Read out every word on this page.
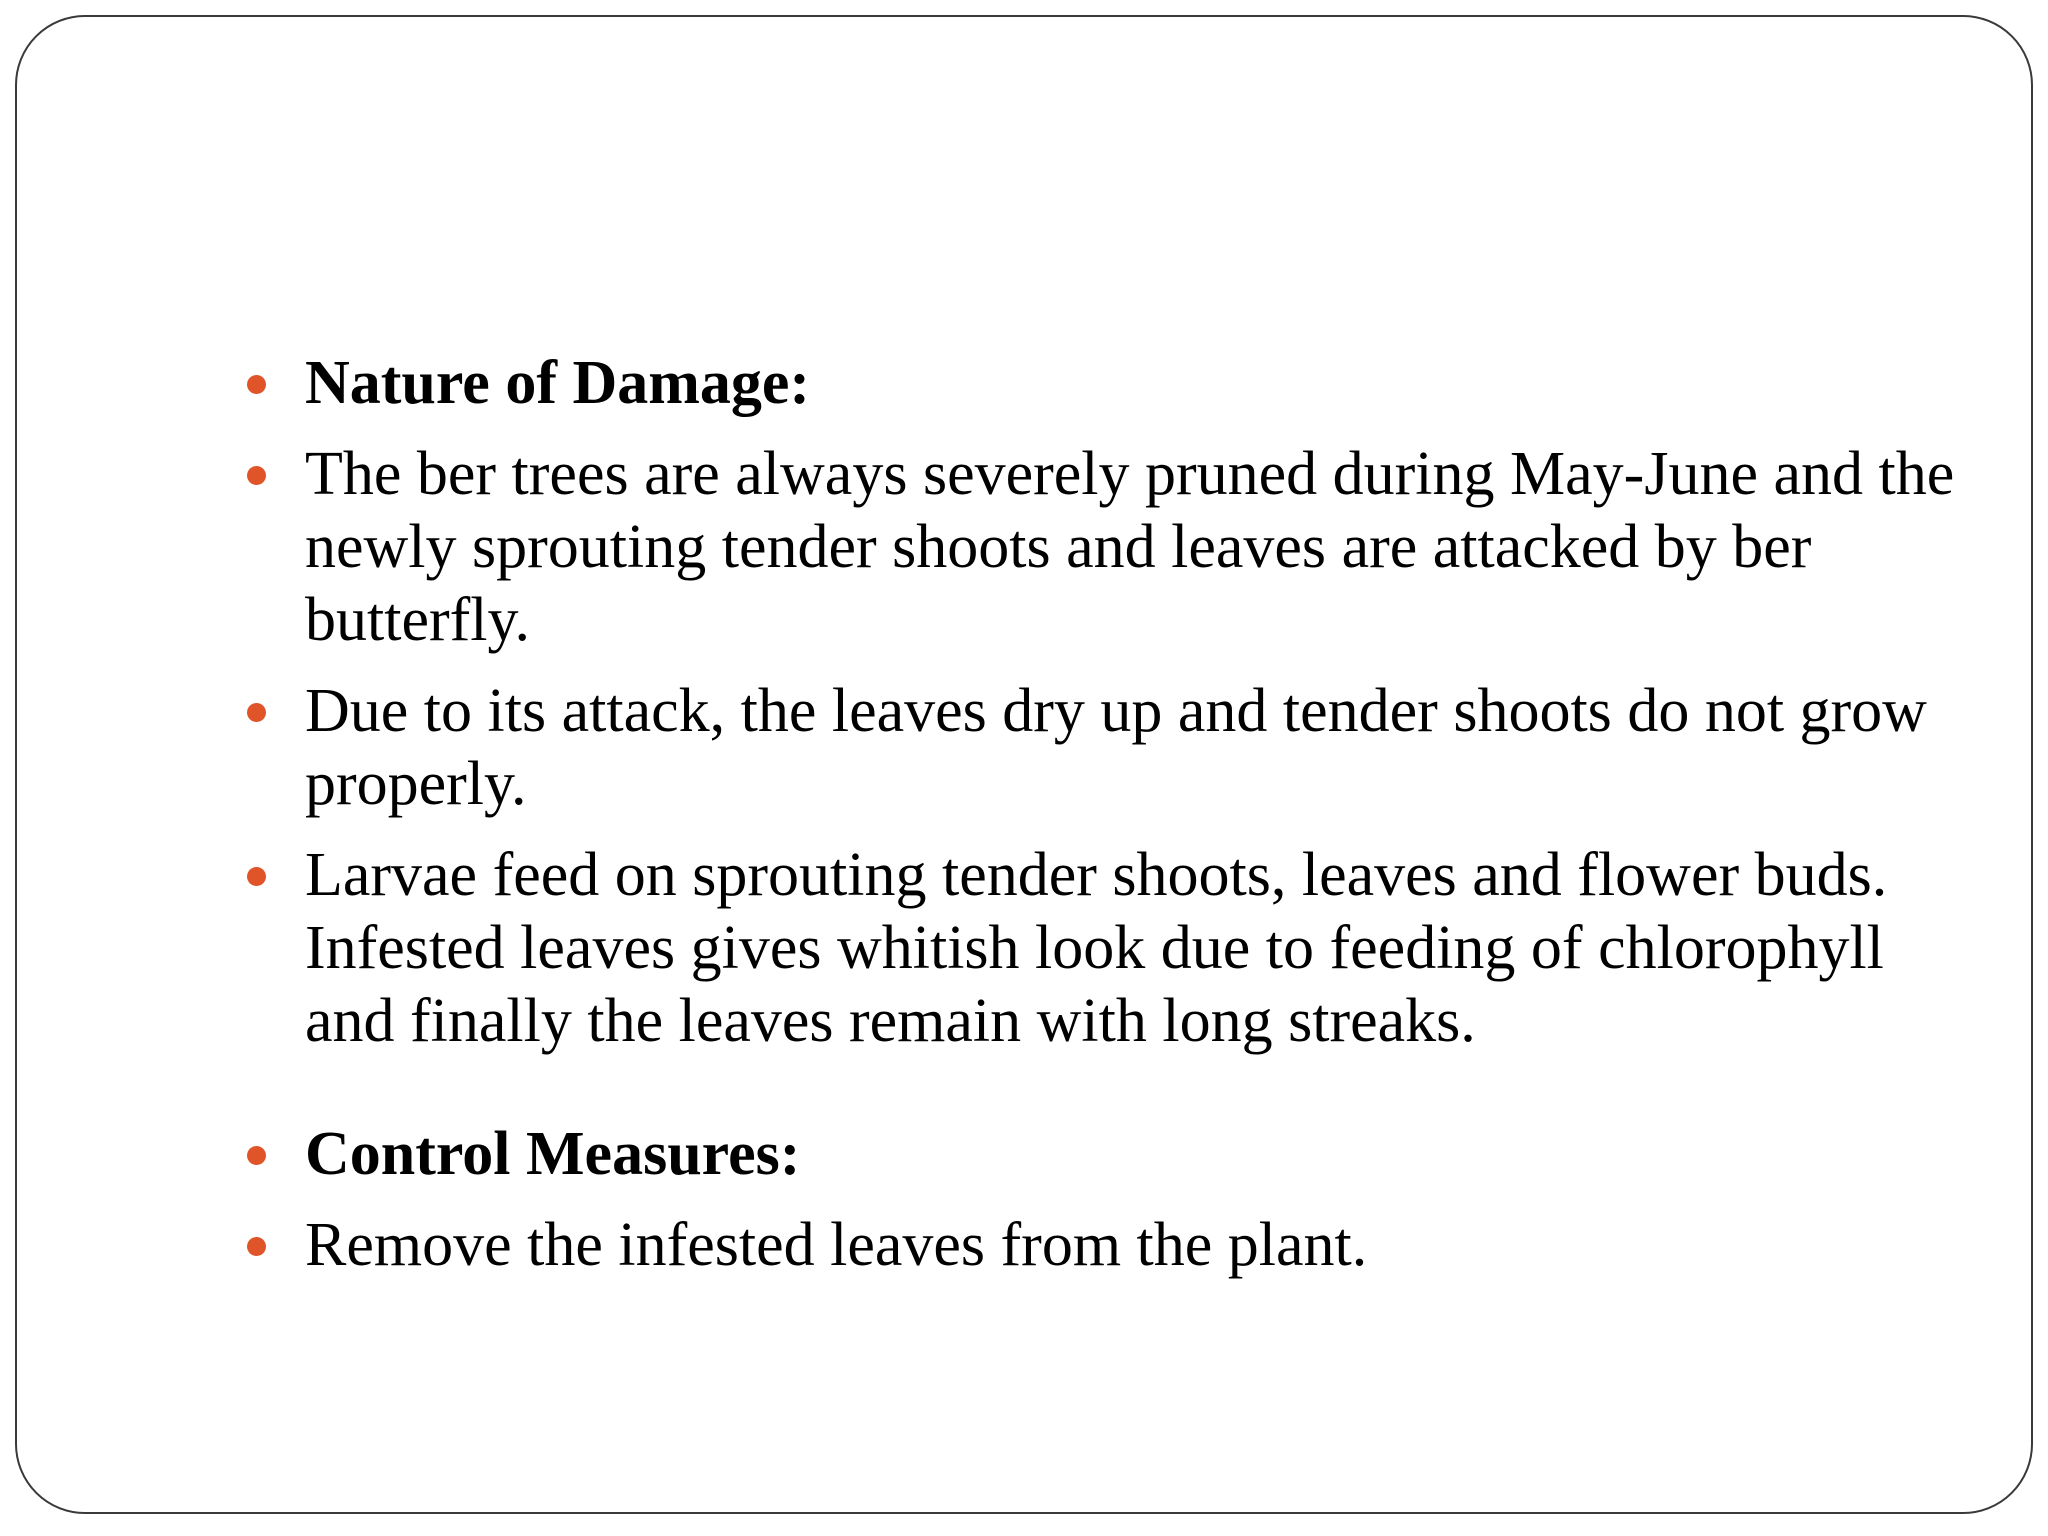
Nature of Damage:
The ber trees are always severely pruned during May-June and the newly sprouting tender shoots and leaves are attacked by ber butterfly.
Due to its attack, the leaves dry up and tender shoots do not grow properly.
Larvae feed on sprouting tender shoots, leaves and flower buds. Infested leaves gives whitish look due to feeding of chlorophyll and finally the leaves remain with long streaks.
Control Measures:
Remove the infested leaves from the plant.
